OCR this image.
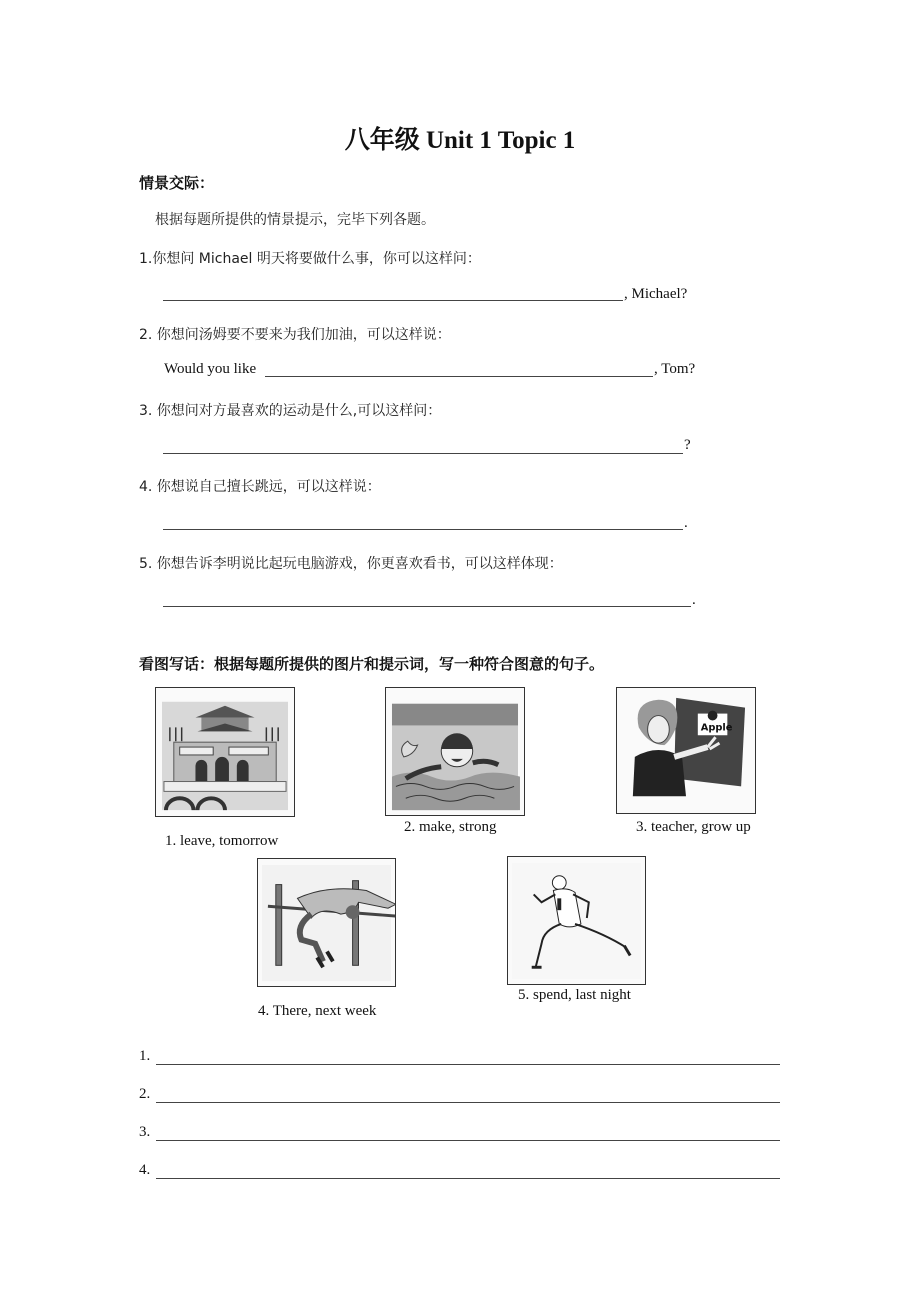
八年级 Unit 1 Topic 1
情景交际：
根据每题所提供的情景提示，完毕下列各题。
1.你想问 Michael 明天将要做什么事，你可以这样问：
, Michael?
2. 你想问汤姆要不要来为我们加油，可以这样说：
Would you like	, Tom?
3. 你想问对方最喜欢的运动是什么,可以这样问：
?
4. 你想说自己擅长跳远，可以这样说：
.
5. 你想告诉李明说比起玩电脑游戏，你更喜欢看书，可以这样体现：
.
看图写话：根据每题所提供的图片和提示词，写一种符合图意的句子。
1. leave, tomorrow
2. make, strong
Apple
3. teacher, grow up
4. There, next week
5. spend, last night
1.
2.
3.
4.
